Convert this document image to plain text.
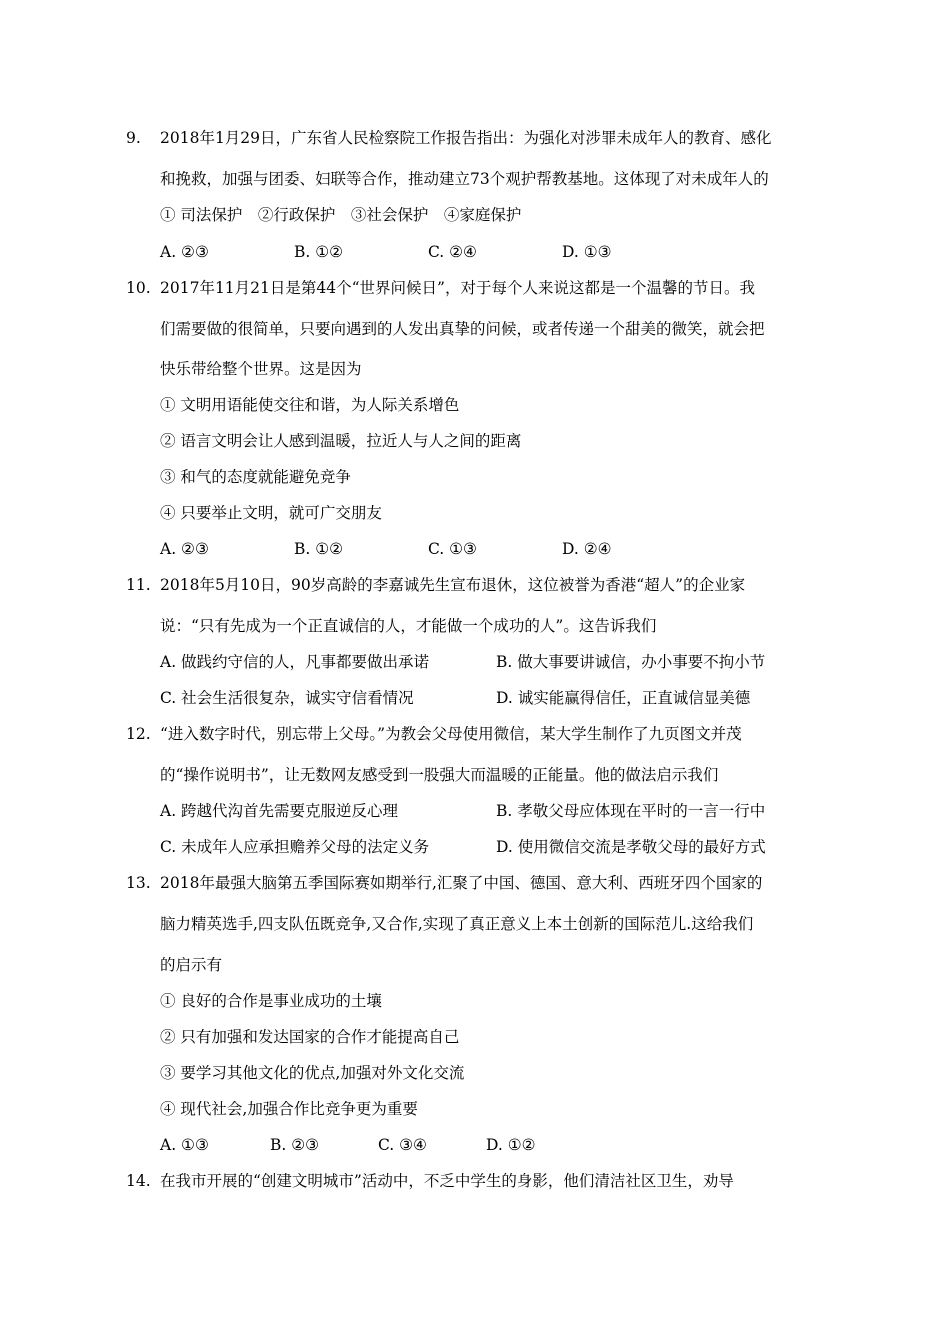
9. 2018年1月29日，广东省人民检察院工作报告指出：为强化对涉罪未成年人的教育、感化
和挽救，加强与团委、妇联等合作，推动建立73个观护帮教基地。这体现了对未成年人的
① 司法保护　②行政保护　③社会保护　④家庭保护
A. ②③	B. ①②	C. ②④	D. ①③
10. 2017年11月21日是第44个“世界问候日”，对于每个人来说这都是一个温馨的节日。我
们需要做的很简单，只要向遇到的人发出真挚的问候，或者传递一个甜美的微笑，就会把
快乐带给整个世界。这是因为
① 文明用语能使交往和谐，为人际关系增色
② 语言文明会让人感到温暖，拉近人与人之间的距离
③ 和气的态度就能避免竞争
④ 只要举止文明，就可广交朋友
A. ②③	B. ①②	C. ①③	D. ②④
11. 2018年5月10日，90岁高龄的李嘉诚先生宣布退休，这位被誉为香港“超人”的企业家
说：“只有先成为一个正直诚信的人，才能做一个成功的人”。这告诉我们
A. 做践约守信的人，凡事都要做出承诺	B. 做大事要讲诚信，办小事要不拘小节
C. 社会生活很复杂，诚实守信看情况	D. 诚实能赢得信任，正直诚信显美德
12. “进入数字时代，别忘带上父母。”为教会父母使用微信，某大学生制作了九页图文并茂
的“操作说明书”，让无数网友感受到一股强大而温暖的正能量。他的做法启示我们
A. 跨越代沟首先需要克服逆反心理	B. 孝敬父母应体现在平时的一言一行中
C. 未成年人应承担赡养父母的法定义务	D. 使用微信交流是孝敬父母的最好方式
13. 2018年最强大脑第五季国际赛如期举行,汇聚了中国、德国、意大利、西班牙四个国家的
脑力精英选手,四支队伍既竞争,又合作,实现了真正意义上本土创新的国际范儿.这给我们
的启示有
① 良好的合作是事业成功的土壤
② 只有加强和发达国家的合作才能提高自己
③ 要学习其他文化的优点,加强对外文化交流
④ 现代社会,加强合作比竞争更为重要
A. ①③	B. ②③	C. ③④	D. ①②
14. 在我市开展的“创建文明城市”活动中，不乏中学生的身影，他们清洁社区卫生，劝导
